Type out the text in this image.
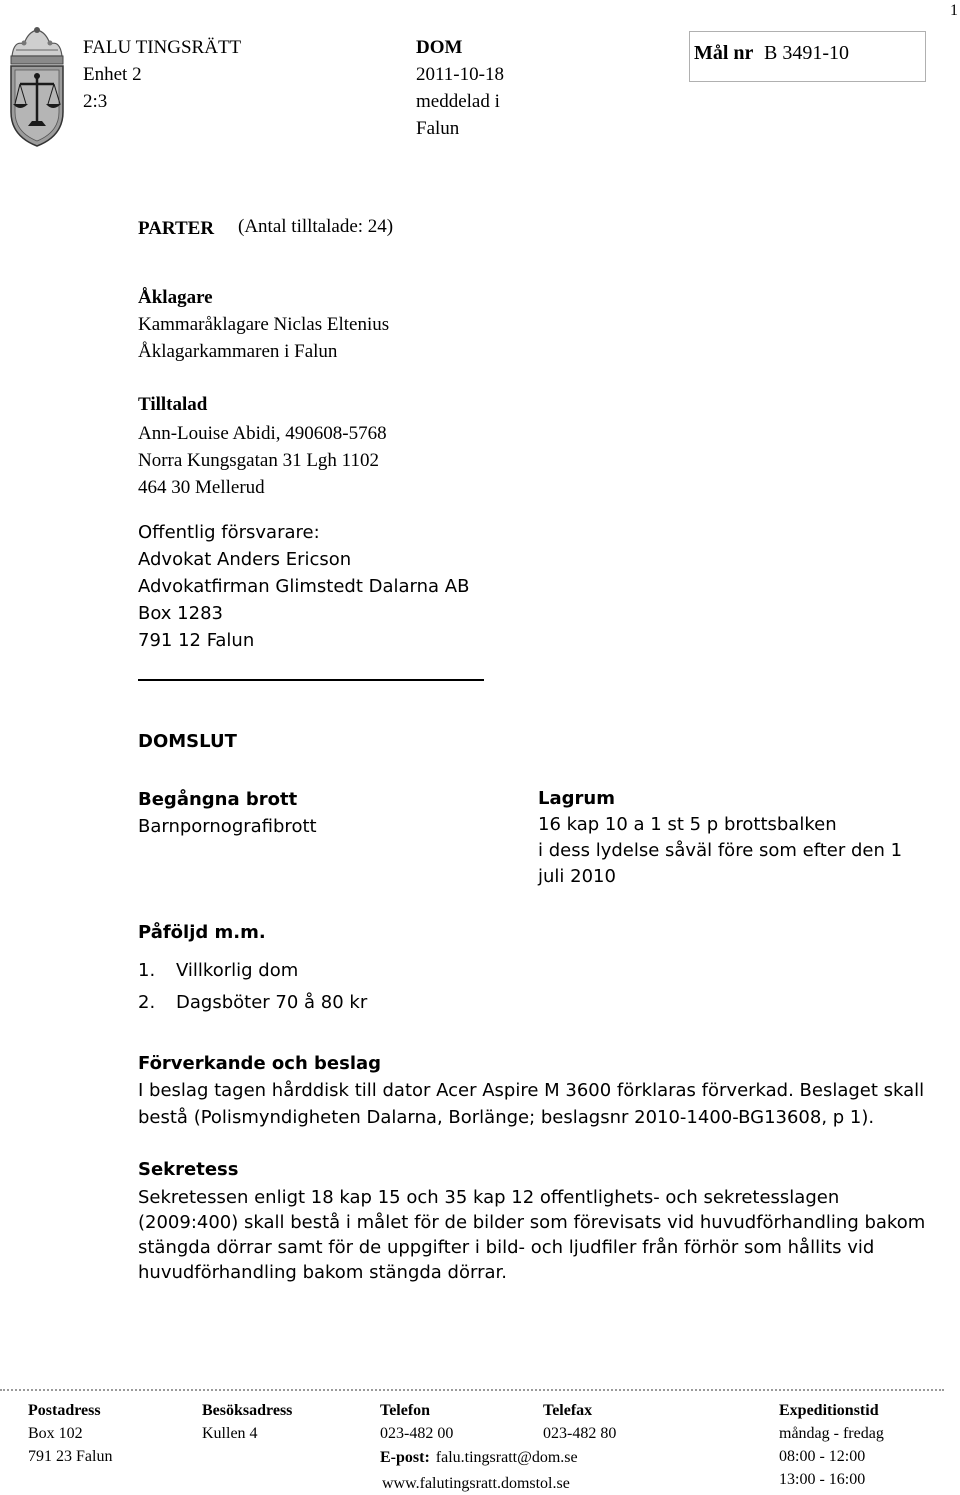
1
FALU TINGSRÄTT
Enhet 2
2:3
DOM
2011-10-18
meddelad i
Falun
Mål nr B 3491-10
PARTER (Antal tilltalade: 24)
Åklagare
Kammaråklagare Niclas Eltenius
Åklagarkammaren i Falun
Tilltalad
Ann-Louise Abidi, 490608-5768
Norra Kungsgatan 31 Lgh 1102
464 30 Mellerud
Offentlig försvarare:
Advokat Anders Ericson
Advokatfirman Glimstedt Dalarna AB
Box 1283
791 12 Falun
DOMSLUT
Begångna brott
Barnpornografibrott
Lagrum
16 kap 10 a 1 st 5 p brottsbalken
i dess lydelse såväl före som efter den 1
juli 2010
Påföljd m.m.
1. Villkorlig dom
2. Dagsböter 70 å 80 kr
Förverkande och beslag
I beslag tagen hårddisk till dator Acer Aspire M 3600 förklaras förverkad. Beslaget skall
bestå (Polismyndigheten Dalarna, Borlänge; beslagsnr 2010-1400-BG13608, p 1).
Sekretess
Sekretessen enligt 18 kap 15 och 35 kap 12 offentlighets- och sekretesslagen
(2009:400) skall bestå i målet för de bilder som förevisats vid huvudförhandling bakom
stängda dörrar samt för de uppgifter i bild- och ljudfiler från förhör som hållits vid
huvudförhandling bakom stängda dörrar.
Postadress
Box 102
791 23 Falun
Besöksadress
Kullen 4
Telefon
023-482 00
Telefax
023-482 80
E-post: falu.tingsratt@dom.se
www.falutingsratt.domstol.se
Expeditionstid
måndag - fredag
08:00 - 12:00
13:00 - 16:00
